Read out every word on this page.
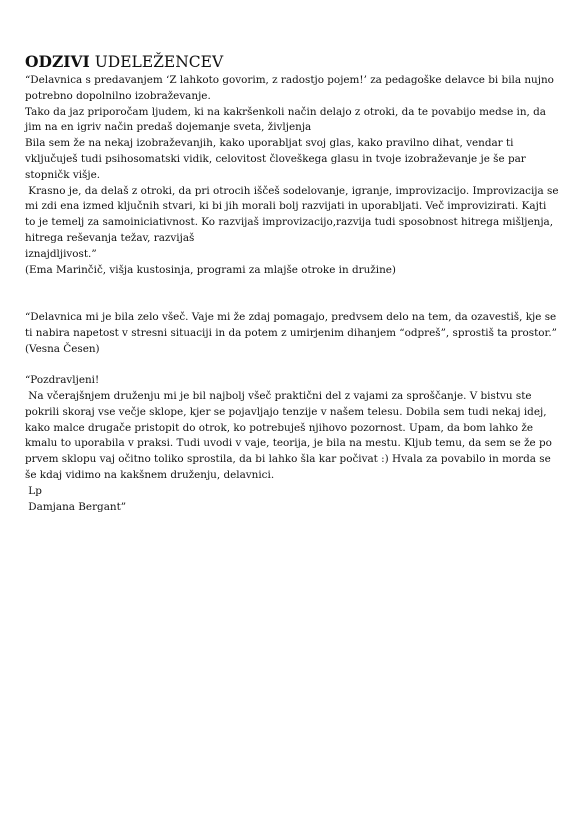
ODZIVI UDELEŽENCEV
“Delavnica s predavanjem ‘Z lahkoto govorim, z radostjo pojem!’ za pedagoške delavce bi bila nujno
potrebno dopolnilno izobraževanje.
Tako da jaz priporočam ljudem, ki na kakršenkoli način delajo z otroki, da te povabijo medse in, da
jim na en igriv način predaš dojemanje sveta, življenja
Bila sem že na nekaj izobraževanjih, kako uporabljat svoj glas, kako pravilno dihat, vendar ti
vključuješ tudi psihosomatski vidik, celovitost človeškega glasu in tvoje izobraževanje je še par
stopničk višje.
Krasno je, da delaš z otroki, da pri otrocih iščeš sodelovanje, igranje, improvizacijo. Improvizacija se
mi zdi ena izmed ključnih stvari, ki bi jih morali bolj razvijati in uporabljati. Več improvizirati. Kajti
to je temelj za samoiniciativnost. Ko razvijaš improvizacijo,razvija tudi sposobnost hitrega mišljenja,
hitrega reševanja težav, razvijaš
iznajdljivost.”
(Ema Marinčič, višja kustosinja, programi za mlajše otroke in družine)
“Delavnica mi je bila zelo všeč. Vaje mi že zdaj pomagajo, predvsem delo na tem, da ozavestiš, kje se
ti nabira napetost v stresni situaciji in da potem z umirjenim dihanjem “odpreš”, sprostiš ta prostor.”
(Vesna Česen)
“Pozdravljeni!
Na včerajšnjem druženju mi je bil najbolj všeč praktični del z vajami za sproščanje. V bistvu ste
pokrili skoraj vse večje sklope, kjer se pojavljajo tenzije v našem telesu. Dobila sem tudi nekaj idej,
kako malce drugače pristopit do otrok, ko potrebuješ njihovo pozornost. Upam, da bom lahko že
kmalu to uporabila v praksi. Tudi uvodi v vaje, teorija, je bila na mestu. Kljub temu, da sem se že po
prvem sklopu vaj očitno toliko sprostila, da bi lahko šla kar počivat :) Hvala za povabilo in morda se
še kdaj vidimo na kakšnem druženju, delavnici.
Lp
Damjana Bergant”
